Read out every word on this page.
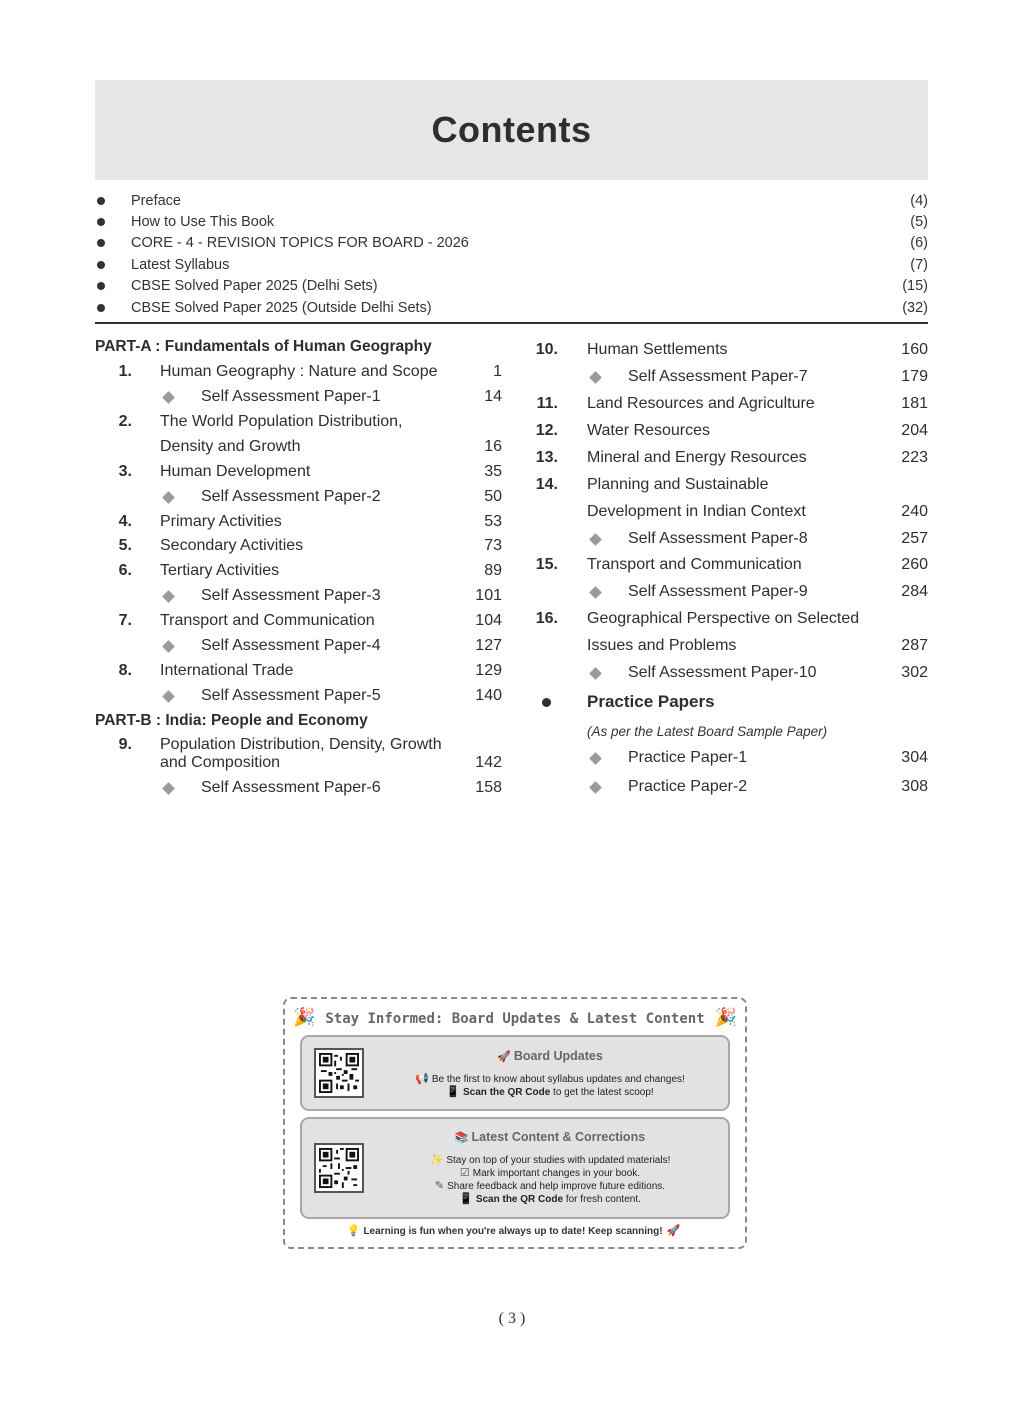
Contents
Preface	(4)
How to Use This Book	(5)
CORE - 4 - REVISION TOPICS FOR BOARD - 2026	(6)
Latest Syllabus	(7)
CBSE Solved Paper 2025 (Delhi Sets)	(15)
CBSE Solved Paper 2025 (Outside Delhi Sets)	(32)
PART-A : Fundamentals of Human Geography
1. Human Geography : Nature and Scope	1
Self Assessment Paper-1	14
2. The World Population Distribution,
Density and Growth	16
3. Human Development	35
Self Assessment Paper-2	50
4. Primary Activities	53
5. Secondary Activities	73
6. Tertiary Activities	89
Self Assessment Paper-3	101
7. Transport and Communication	104
Self Assessment Paper-4	127
8. International Trade	129
Self Assessment Paper-5	140
PART-B : India: People and Economy
9. Population Distribution, Density, Growth
and Composition	142
Self Assessment Paper-6	158
10. Human Settlements	160
Self Assessment Paper-7	179
11. Land Resources and Agriculture	181
12. Water Resources	204
13. Mineral and Energy Resources	223
14. Planning and Sustainable
Development in Indian Context	240
Self Assessment Paper-8	257
15. Transport and Communication	260
Self Assessment Paper-9	284
16. Geographical Perspective on Selected
Issues and Problems	287
Self Assessment Paper-10	302
Practice Papers
(As per the Latest Board Sample Paper)
Practice Paper-1	304
Practice Paper-2	308
🎉	🎉
Stay Informed: Board Updates & Latest Content
🚀 Board Updates
📢 Be the first to know about syllabus updates and changes!
📱 Scan the QR Code to get the latest scoop!
📚 Latest Content & Corrections
✨ Stay on top of your studies with updated materials!
☑ Mark important changes in your book.
✎ Share feedback and help improve future editions.
📱 Scan the QR Code for fresh content.
💡 Learning is fun when you're always up to date! Keep scanning! 🚀
( 3 )
